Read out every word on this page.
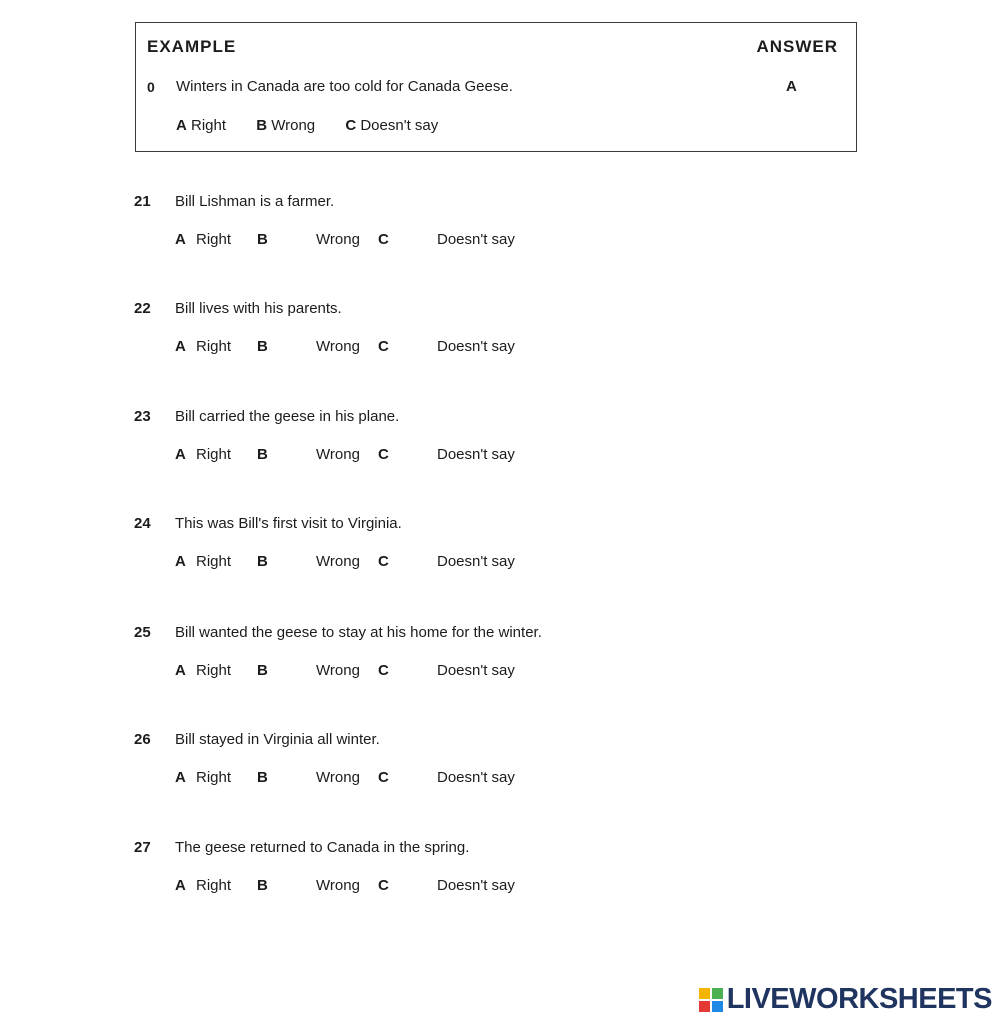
EXAMPLE	ANSWER
0 Winters in Canada are too cold for Canada Geese.	A
A Right B Wrong C Doesn't say
21 Bill Lishman is a farmer.
A Right B	Wrong C	Doesn't say
22 Bill lives with his parents.
A Right B	Wrong C	Doesn't say
23 Bill carried the geese in his plane.
A Right B	Wrong C	Doesn't say
24 This was Bill's first visit to Virginia.
A Right B	Wrong C	Doesn't say
25 Bill wanted the geese to stay at his home for the winter.
A Right B	Wrong C	Doesn't say
26 Bill stayed in Virginia all winter.
A Right B	Wrong C	Doesn't say
27 The geese returned to Canada in the spring.
A Right B	Wrong C	Doesn't say
LIVEWORKSHEETS
